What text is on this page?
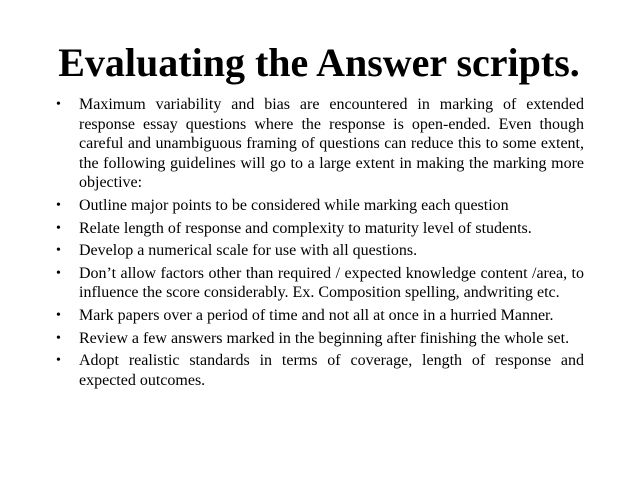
Evaluating the Answer scripts.
• Maximum variability and bias are encountered in marking of extended response essay questions where the response is open-ended. Even though careful and unambiguous framing of questions can reduce this to some extent, the following guidelines will go to a large extent in making the marking more objective:
• Outline major points to be considered while marking each question
• Relate length of response and complexity to maturity level of students.
• Develop a numerical scale for use with all questions.
• Don’t allow factors other than required / expected knowledge content /area, to influence the score considerably. Ex. Composition spelling, andwriting etc.
• Mark papers over a period of time and not all at once in a hurried Manner.
• Review a few answers marked in the beginning after finishing the whole set.
• Adopt realistic standards in terms of coverage, length of response and expected outcomes.
